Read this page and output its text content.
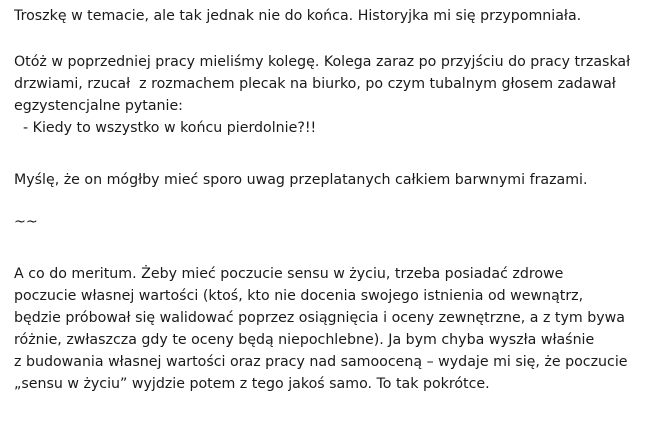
Troszkę w temacie, ale tak jednak nie do końca. Historyjka mi się przypomniała.
Otóż w poprzedniej pracy mieliśmy kolegę. Kolega zaraz po przyjściu do pracy trzaskał
drzwiami, rzucał  z rozmachem plecak na biurko, po czym tubalnym głosem zadawał
egzystencjalne pytanie:
- Kiedy to wszystko w końcu pierdolnie?!!
Myślę, że on mógłby mieć sporo uwag przeplatanych całkiem barwnymi frazami.
~~
A co do meritum. Żeby mieć poczucie sensu w życiu, trzeba posiadać zdrowe
poczucie własnej wartości (ktoś, kto nie docenia swojego istnienia od wewnątrz,
będzie próbował się walidować poprzez osiągnięcia i oceny zewnętrzne, a z tym bywa
różnie, zwłaszcza gdy te oceny będą niepochlebne). Ja bym chyba wyszła właśnie
z budowania własnej wartości oraz pracy nad samooceną – wydaje mi się, że poczucie
„sensu w życiu” wyjdzie potem z tego jakoś samo. To tak pokrótce.
